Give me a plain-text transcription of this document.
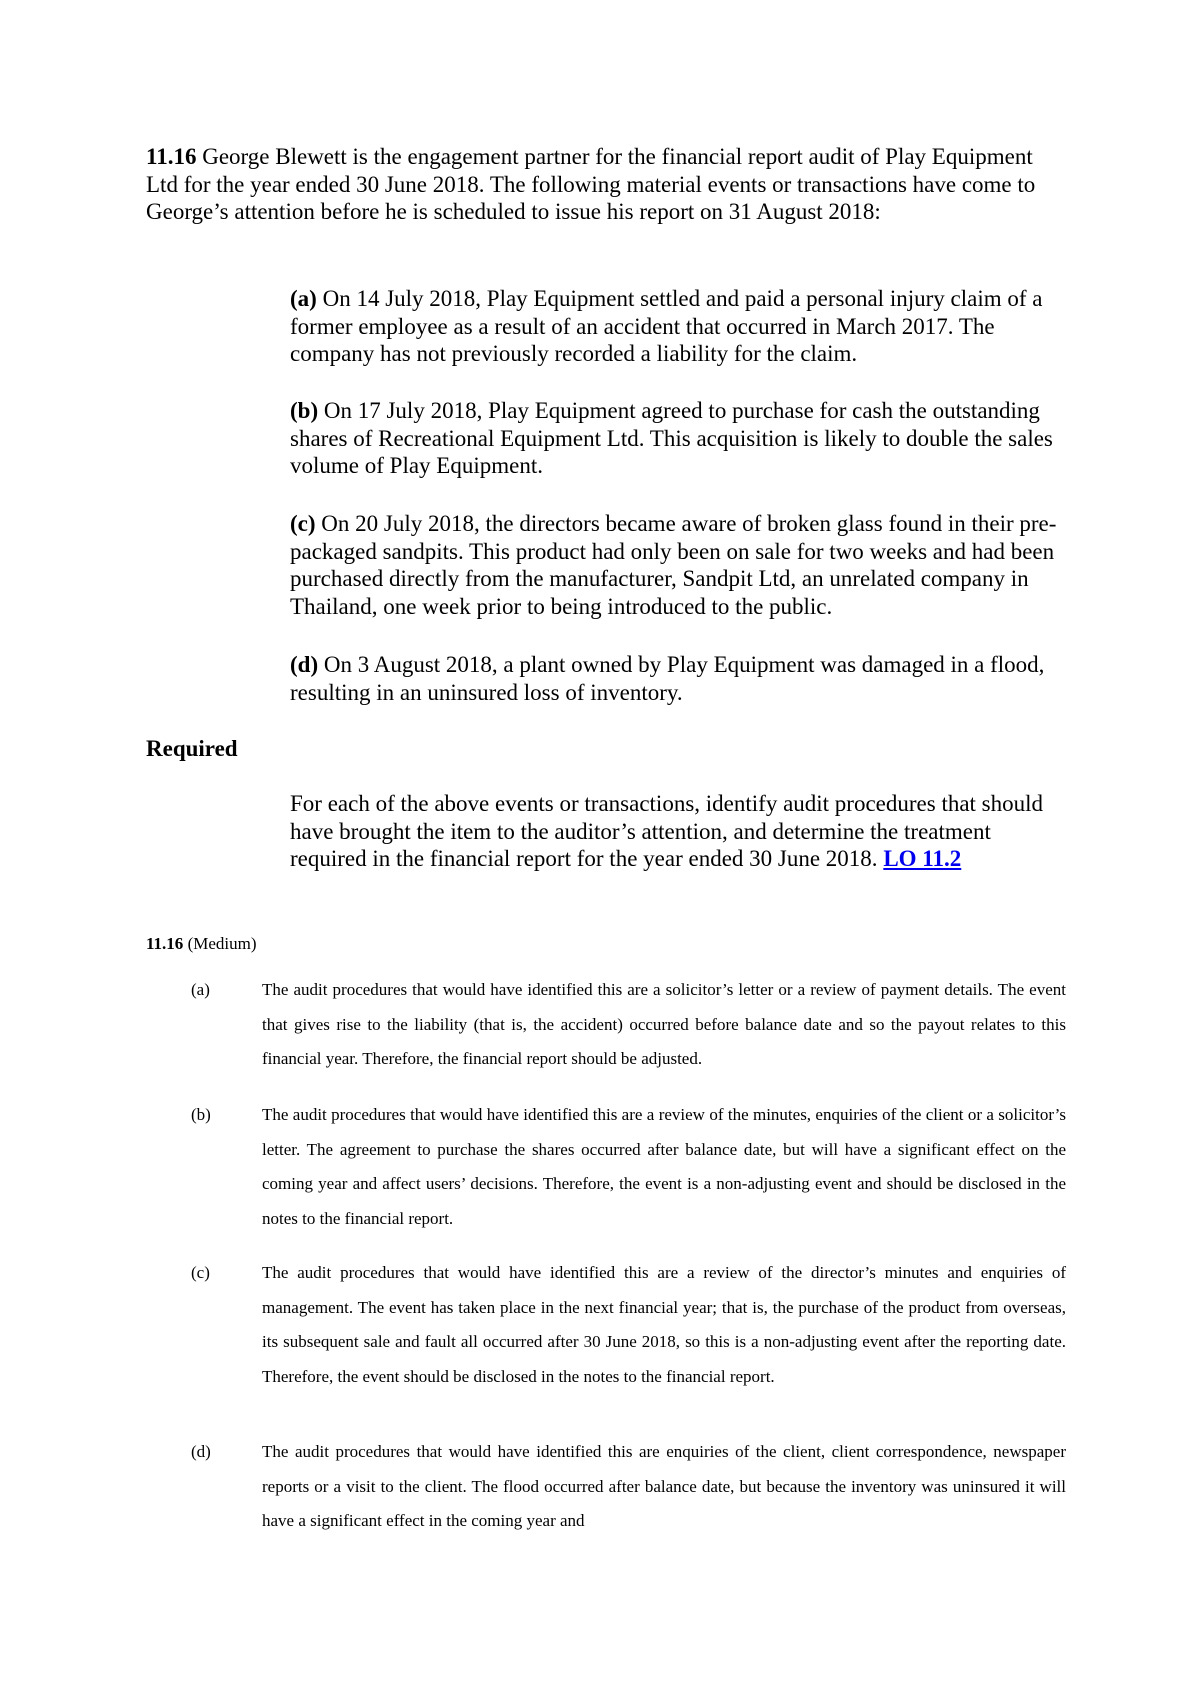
11.16 George Blewett is the engagement partner for the financial report audit of Play Equipment Ltd for the year ended 30 June 2018. The following material events or transactions have come to George’s attention before he is scheduled to issue his report on 31 August 2018:

(a) On 14 July 2018, Play Equipment settled and paid a personal injury claim of a former employee as a result of an accident that occurred in March 2017. The company has not previously recorded a liability for the claim.

(b) On 17 July 2018, Play Equipment agreed to purchase for cash the outstanding shares of Recreational Equipment Ltd. This acquisition is likely to double the sales volume of Play Equipment.

(c) On 20 July 2018, the directors became aware of broken glass found in their pre-packaged sandpits. This product had only been on sale for two weeks and had been purchased directly from the manufacturer, Sandpit Ltd, an unrelated company in Thailand, one week prior to being introduced to the public.

(d) On 3 August 2018, a plant owned by Play Equipment was damaged in a flood, resulting in an uninsured loss of inventory.

Required

For each of the above events or transactions, identify audit procedures that should have brought the item to the auditor’s attention, and determine the treatment required in the financial report for the year ended 30 June 2018. LO 11.2

11.16 (Medium)

(a)	The audit procedures that would have identified this are a solicitor’s letter or a review of payment details. The event that gives rise to the liability (that is, the accident) occurred before balance date and so the payout relates to this financial year. Therefore, the financial report should be adjusted.
(b)	The audit procedures that would have identified this are a review of the minutes, enquiries of the client or a solicitor’s letter. The agreement to purchase the shares occurred after balance date, but will have a significant effect on the coming year and affect users’ decisions. Therefore, the event is a non-adjusting event and should be disclosed in the notes to the financial report.
(c)	The audit procedures that would have identified this are a review of the director’s minutes and enquiries of management. The event has taken place in the next financial year; that is, the purchase of the product from overseas, its subsequent sale and fault all occurred after 30 June 2018, so this is a non-adjusting event after the reporting date. Therefore, the event should be disclosed in the notes to the financial report.
(d)	The audit procedures that would have identified this are enquiries of the client, client correspondence, newspaper reports or a visit to the client. The flood occurred after balance date, but because the inventory was uninsured it will have a significant effect in the coming year and
